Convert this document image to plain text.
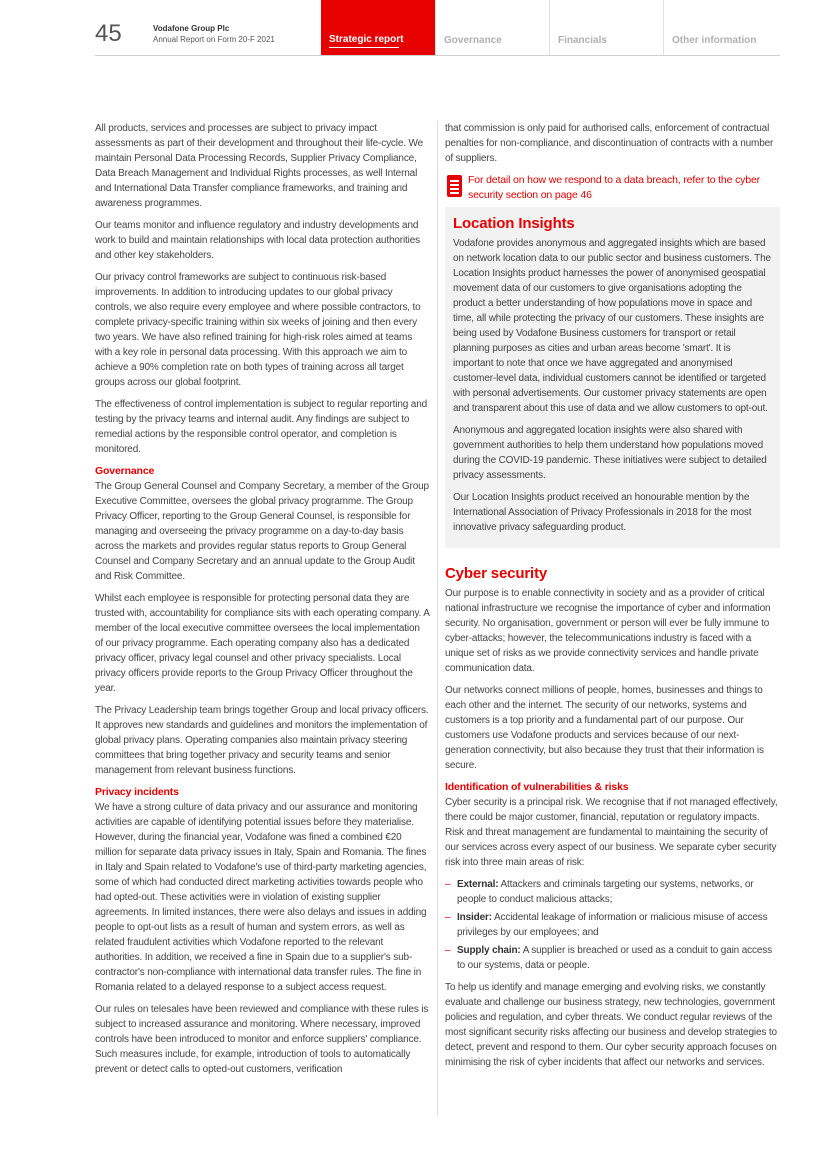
45	Vodafone Group Plc
Annual Report on Form 20-F 2021	Strategic report	Governance	Financials	Other information

All products, services and processes are subject to privacy impact assessments as part of their development and throughout their life-cycle. We maintain Personal Data Processing Records, Supplier Privacy Compliance, Data Breach Management and Individual Rights processes, as well Internal and International Data Transfer compliance frameworks, and training and awareness programmes.

Our teams monitor and influence regulatory and industry developments and work to build and maintain relationships with local data protection authorities and other key stakeholders.

Our privacy control frameworks are subject to continuous risk-based improvements. In addition to introducing updates to our global privacy controls, we also require every employee and where possible contractors, to complete privacy-specific training within six weeks of joining and then every two years. We have also refined training for high-risk roles aimed at teams with a key role in personal data processing. With this approach we aim to achieve a 90% completion rate on both types of training across all target groups across our global footprint.

The effectiveness of control implementation is subject to regular reporting and testing by the privacy teams and internal audit. Any findings are subject to remedial actions by the responsible control operator, and completion is monitored.

Governance

The Group General Counsel and Company Secretary, a member of the Group Executive Committee, oversees the global privacy programme. The Group Privacy Officer, reporting to the Group General Counsel, is responsible for managing and overseeing the privacy programme on a day-to-day basis across the markets and provides regular status reports to Group General Counsel and Company Secretary and an annual update to the Group Audit and Risk Committee.

Whilst each employee is responsible for protecting personal data they are trusted with, accountability for compliance sits with each operating company. A member of the local executive committee oversees the local implementation of our privacy programme. Each operating company also has a dedicated privacy officer, privacy legal counsel and other privacy specialists. Local privacy officers provide reports to the Group Privacy Officer throughout the year.

The Privacy Leadership team brings together Group and local privacy officers. It approves new standards and guidelines and monitors the implementation of global privacy plans. Operating companies also maintain privacy steering committees that bring together privacy and security teams and senior management from relevant business functions.

Privacy incidents

We have a strong culture of data privacy and our assurance and monitoring activities are capable of identifying potential issues before they materialise. However, during the financial year, Vodafone was fined a combined €20 million for separate data privacy issues in Italy, Spain and Romania. The fines in Italy and Spain related to Vodafone's use of third-party marketing agencies, some of which had conducted direct marketing activities towards people who had opted-out. These activities were in violation of existing supplier agreements. In limited instances, there were also delays and issues in adding people to opt-out lists as a result of human and system errors, as well as related fraudulent activities which Vodafone reported to the relevant authorities. In addition, we received a fine in Spain due to a supplier's sub-contractor's non-compliance with international data transfer rules. The fine in Romania related to a delayed response to a subject access request.

Our rules on telesales have been reviewed and compliance with these rules is subject to increased assurance and monitoring. Where necessary, improved controls have been introduced to monitor and enforce suppliers' compliance. Such measures include, for example, introduction of tools to automatically prevent or detect calls to opted-out customers, verification

that commission is only paid for authorised calls, enforcement of contractual penalties for non-compliance, and discontinuation of contracts with a number of suppliers.

For detail on how we respond to a data breach, refer to the cyber security section on page 46
Location Insights

Vodafone provides anonymous and aggregated insights which are based on network location data to our public sector and business customers. The Location Insights product harnesses the power of anonymised geospatial movement data of our customers to give organisations adopting the product a better understanding of how populations move in space and time, all while protecting the privacy of our customers. These insights are being used by Vodafone Business customers for transport or retail planning purposes as cities and urban areas become 'smart'. It is important to note that once we have aggregated and anonymised customer-level data, individual customers cannot be identified or targeted with personal advertisements. Our customer privacy statements are open and transparent about this use of data and we allow customers to opt-out.

Anonymous and aggregated location insights were also shared with government authorities to help them understand how populations moved during the COVID-19 pandemic. These initiatives were subject to detailed privacy assessments.

Our Location Insights product received an honourable mention by the International Association of Privacy Professionals in 2018 for the most innovative privacy safeguarding product.

Cyber security

Our purpose is to enable connectivity in society and as a provider of critical national infrastructure we recognise the importance of cyber and information security. No organisation, government or person will ever be fully immune to cyber-attacks; however, the telecommunications industry is faced with a unique set of risks as we provide connectivity services and handle private communication data.

Our networks connect millions of people, homes, businesses and things to each other and the internet. The security of our networks, systems and customers is a top priority and a fundamental part of our purpose. Our customers use Vodafone products and services because of our next-generation connectivity, but also because they trust that their information is secure.

Identification of vulnerabilities & risks

Cyber security is a principal risk. We recognise that if not managed effectively, there could be major customer, financial, reputation or regulatory impacts. Risk and threat management are fundamental to maintaining the security of our services across every aspect of our business. We separate cyber security risk into three main areas of risk:

– External: Attackers and criminals targeting our systems, networks, or people to conduct malicious attacks;
– Insider: Accidental leakage of information or malicious misuse of access privileges by our employees; and
– Supply chain: A supplier is breached or used as a conduit to gain access to our systems, data or people.

To help us identify and manage emerging and evolving risks, we constantly evaluate and challenge our business strategy, new technologies, government policies and regulation, and cyber threats. We conduct regular reviews of the most significant security risks affecting our business and develop strategies to detect, prevent and respond to them. Our cyber security approach focuses on minimising the risk of cyber incidents that affect our networks and services.
